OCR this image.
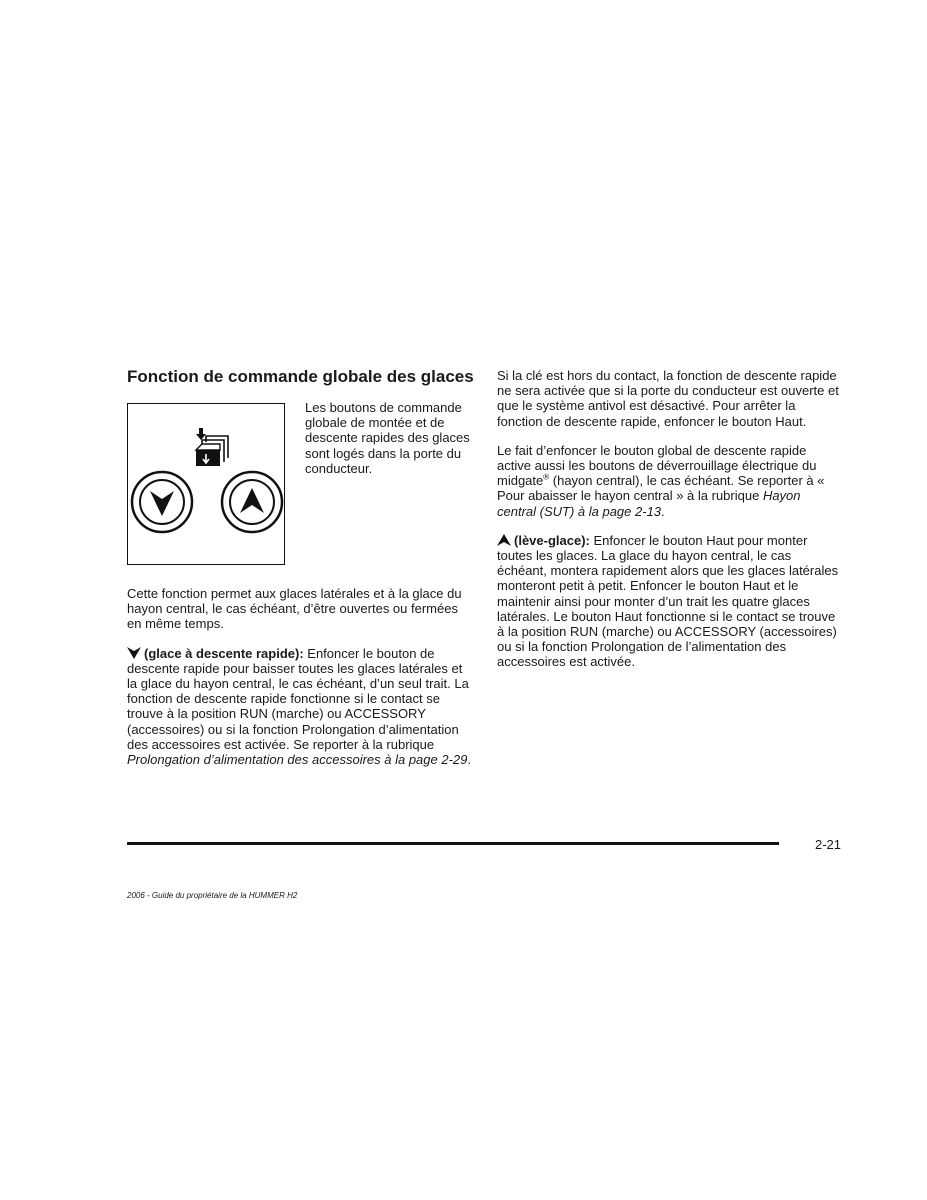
Fonction de commande globale des glaces

Les boutons de commande globale de montée et de descente rapides des glaces sont logés dans la porte du conducteur.

Cette fonction permet aux glaces latérales et à la glace du hayon central, le cas échéant, d’être ouvertes ou fermées en même temps.

(glace à descente rapide): Enfoncer le bouton de descente rapide pour baisser toutes les glaces latérales et la glace du hayon central, le cas échéant, d’un seul trait. La fonction de descente rapide fonctionne si le contact se trouve à la position RUN (marche) ou ACCESSORY (accessoires) ou si la fonction Prolongation d’alimentation des accessoires est activée. Se reporter à la rubrique Prolongation d’alimentation des accessoires à la page 2-29.

Si la clé est hors du contact, la fonction de descente rapide ne sera activée que si la porte du conducteur est ouverte et que le système antivol est désactivé. Pour arrêter la fonction de descente rapide, enfoncer le bouton Haut.

Le fait d’enfoncer le bouton global de descente rapide active aussi les boutons de déverrouillage électrique du midgate® (hayon central), le cas échéant. Se reporter à « Pour abaisser le hayon central » à la rubrique Hayon central (SUT) à la page 2-13.

(lève-glace): Enfoncer le bouton Haut pour monter toutes les glaces. La glace du hayon central, le cas échéant, montera rapidement alors que les glaces latérales monteront petit à petit. Enfoncer le bouton Haut et le maintenir ainsi pour monter d’un trait les quatre glaces latérales. Le bouton Haut fonctionne si le contact se trouve à la position RUN (marche) ou ACCESSORY (accessoires) ou si la fonction Prolongation de l’alimentation des accessoires est activée.

2-21
2006 - Guide du propriétaire de la HUMMER H2
